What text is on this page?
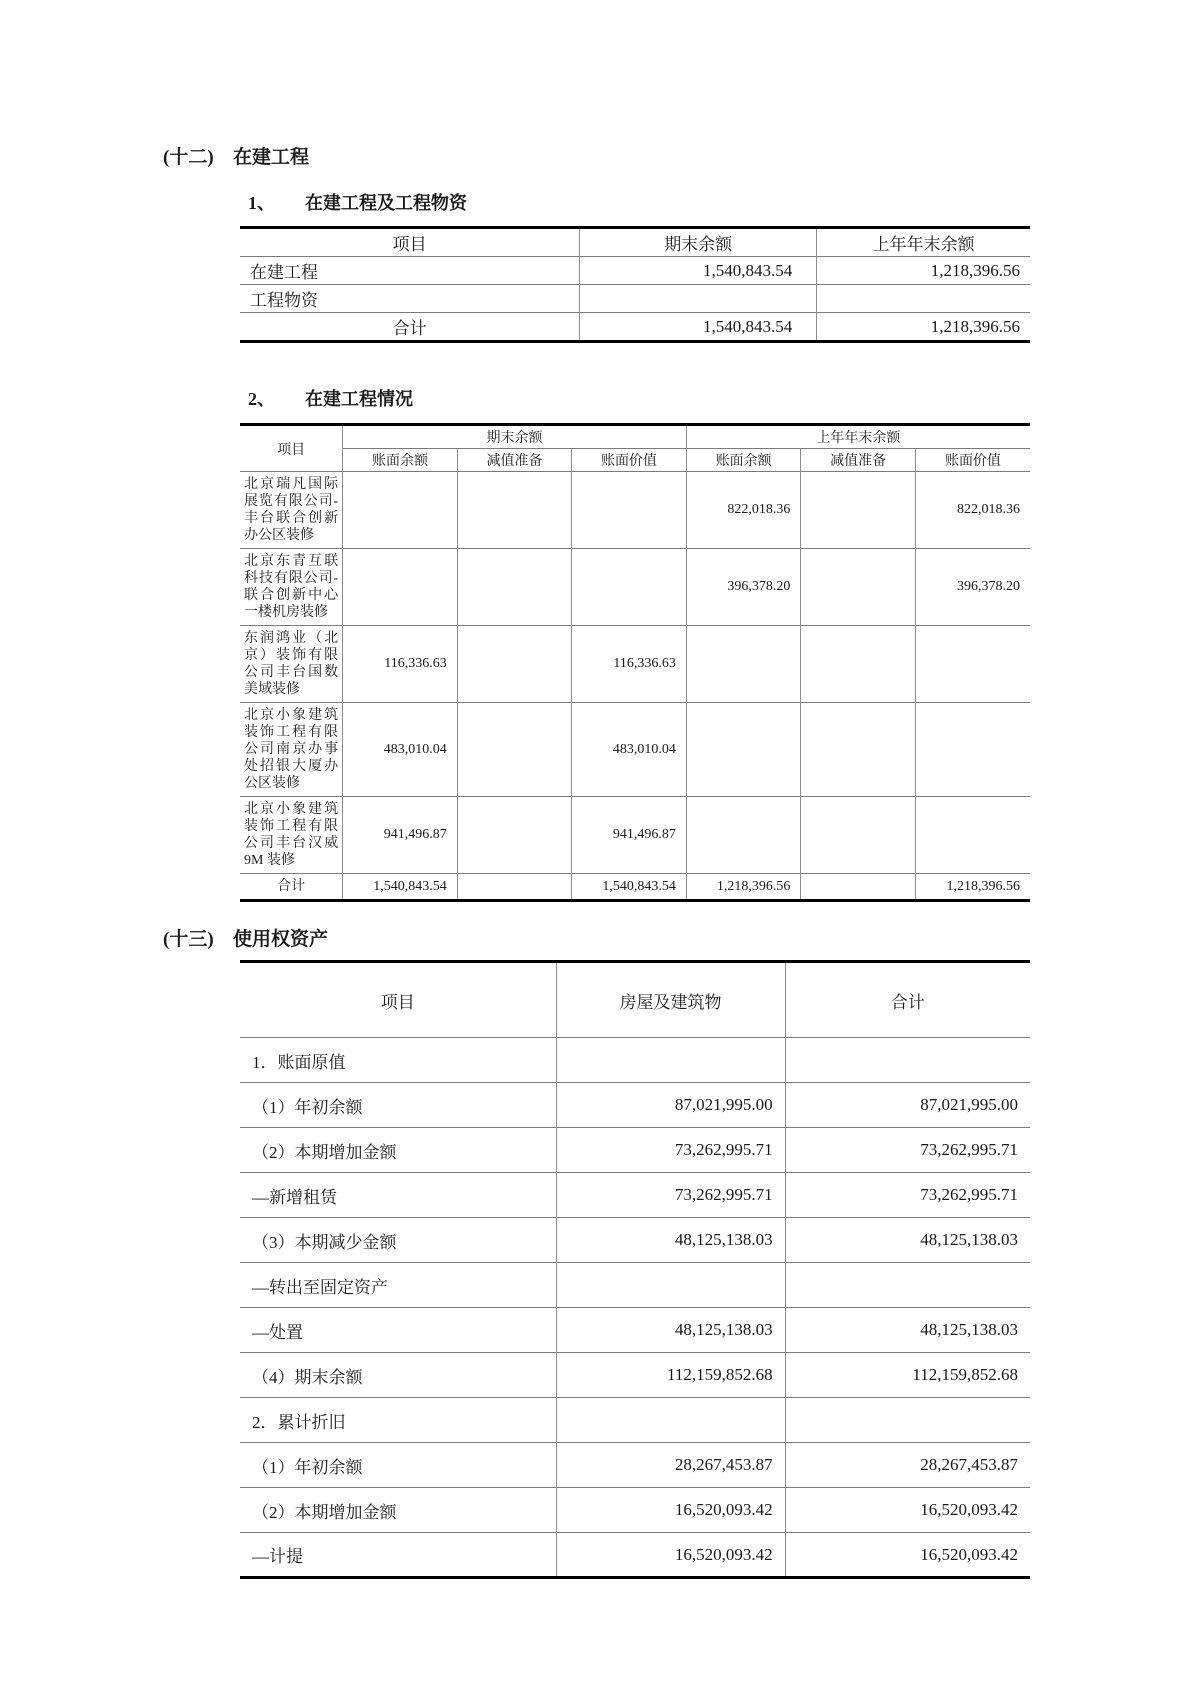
(十二) 在建工程
1、 在建工程及工程物资
项目	期末余额	上年年末余额
在建工程	1,540,843.54	1,218,396.56
工程物资		
合计	1,540,843.54	1,218,396.56
2、 在建工程情况
项目	期末余额			上年年末余额		
	账面余额	减值准备	账面价值	账面余额	减值准备	账面价值
北京瑞凡国际展览有限公司-丰台联合创新办公区装修				822,018.36		822,018.36
北京东青互联科技有限公司-联合创新中心一楼机房装修				396,378.20		396,378.20
东润鸿业（北京）装饰有限公司丰台国数美域装修	116,336.63		116,336.63			
北京小象建筑装饰工程有限公司南京办事处招银大厦办公区装修	483,010.04		483,010.04			
北京小象建筑装饰工程有限公司丰台汉威9M 装修	941,496.87		941,496.87			
合计	1,540,843.54		1,540,843.54	1,218,396.56		1,218,396.56
(十三) 使用权资产
项目	房屋及建筑物	合计
1．账面原值		
（1）年初余额	87,021,995.00	87,021,995.00
（2）本期增加金额	73,262,995.71	73,262,995.71
—新增租赁	73,262,995.71	73,262,995.71
（3）本期减少金额	48,125,138.03	48,125,138.03
—转出至固定资产		
—处置	48,125,138.03	48,125,138.03
（4）期末余额	112,159,852.68	112,159,852.68
2．累计折旧		
（1）年初余额	28,267,453.87	28,267,453.87
（2）本期增加金额	16,520,093.42	16,520,093.42
—计提	16,520,093.42	16,520,093.42
